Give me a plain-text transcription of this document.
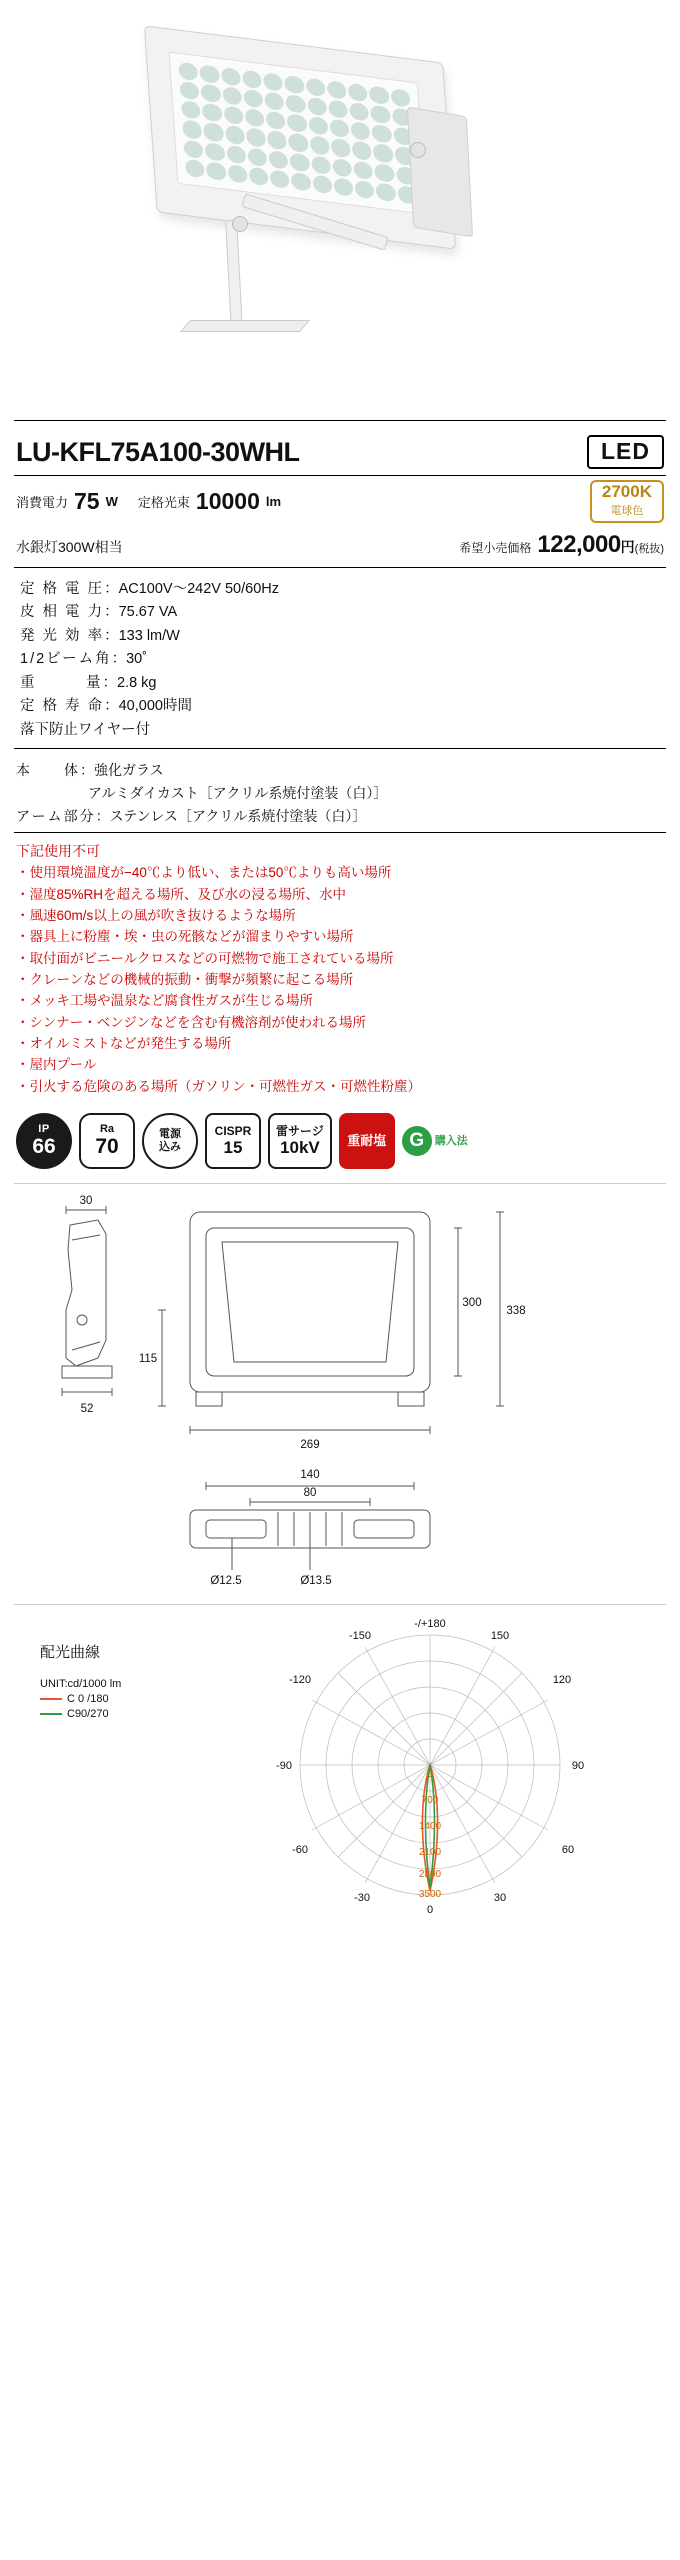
LU-KFL75A100-30WHL	LED
消費電力 75 W 定格光束 10000 lm
2700K
電球色
水銀灯300W相当	希望小売価格 122,000 円 (税抜)
定 格 電 圧：AC100V〜242V 50/60Hz
皮 相 電 力：75.67 VA
発 光 効 率：133 lm/W
1/2ビーム角：30˚
重　　　量：2.8 kg
定 格 寿 命：40,000時間
落下防止ワイヤー付
本　　体：強化ガラス
アルミダイカスト［アクリル系焼付塗装（白）］
アーム部分：ステンレス［アクリル系焼付塗装（白）］
下記使用不可
・使用環境温度が−40℃より低い、または50℃よりも高い場所
・湿度85%RHを超える場所、及び水の浸る場所、水中
・風速60m/s以上の風が吹き抜けるような場所
・器具上に粉塵・埃・虫の死骸などが溜まりやすい場所
・取付面がビニールクロスなどの可燃物で施工されている場所
・クレーンなどの機械的振動・衝撃が頻繁に起こる場所
・メッキ工場や温泉など腐食性ガスが生じる場所
・シンナー・ベンジンなどを含む有機溶剤が使われる場所
・オイルミストなどが発生する場所
・屋内プール
・引火する危険のある場所（ガソリン・可燃性ガス・可燃性粉塵）
IP
66
Ra
70
電源
込み
CISPR
15
雷サージ
10kV 重耐塩	G 購入法
30
52
300
338
115
269
140
80
Ø12.5	Ø13.5
配光曲線
UNIT:cd/1000 lm
C 0 /180
C90/270
-/+180
-150	150
-120	120
-90	90
-60	60
-30	30
0
0
700
1400
2100
2800
3500
